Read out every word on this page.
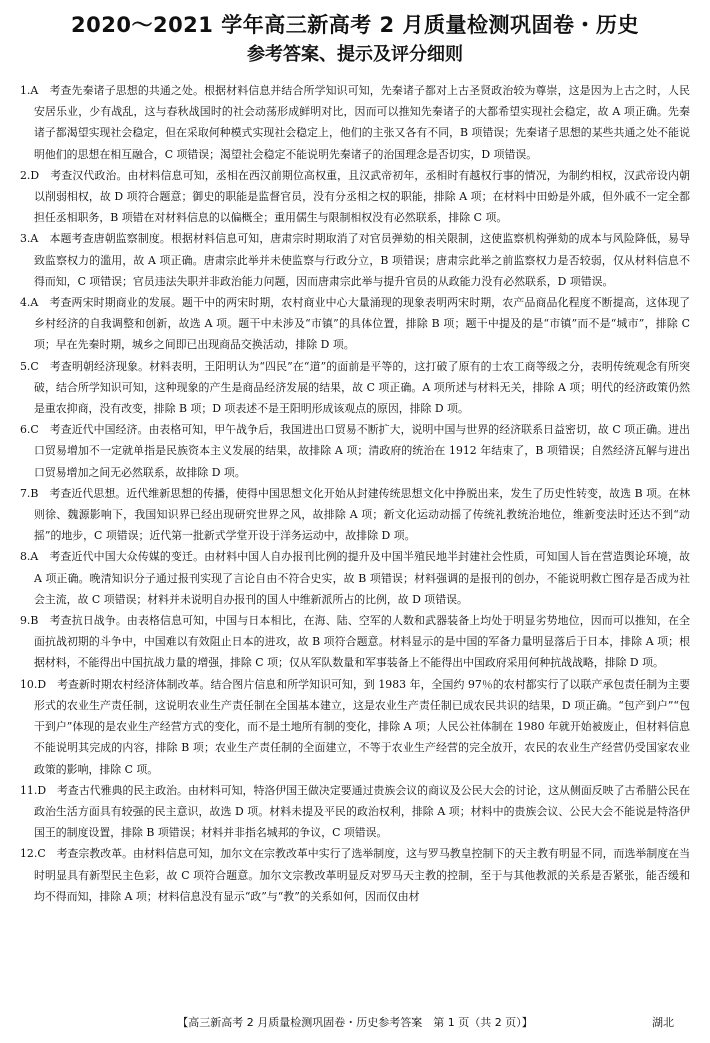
2020～2021 学年高三新高考 2 月质量检测巩固卷・历史
参考答案、提示及评分细则

1.A　 考查先秦诸子思想的共通之处。根据材料信息并结合所学知识可知，先秦诸子都对上古圣贤政治较为尊崇，这是因为上古之时，人民安居乐业，少有战乱，这与春秋战国时的社会动荡形成鲜明对比，因而可以推知先秦诸子的大都希望实现社会稳定，故 A 项正确。先秦诸子都渴望实现社会稳定，但在采取何种模式实现社会稳定上，他们的主张又各有不同，B 项错误；先秦诸子思想的某些共通之处不能说明他们的思想在相互融合，C 项错误；渴望社会稳定不能说明先秦诸子的治国理念是否切实，D 项错误。

2.D　 考查汉代政治。由材料信息可知，丞相在西汉前期位高权重，且汉武帝初年，丞相时有越权行事的情况，为制约相权，汉武帝设内朝以削弱相权，故 D 项符合题意；御史的职能是监督官员，没有分丞相之权的职能，排除 A 项；在材料中田蚡是外戚，但外戚不一定全都担任丞相职务，B 项错在对材料信息的以偏概全；重用儒生与限制相权没有必然联系，排除 C 项。

3.A　 本题考查唐朝监察制度。根据材料信息可知，唐肃宗时期取消了对官员弹劾的相关限制，这使监察机构弹劾的成本与风险降低，易导致监察权力的滥用，故 A 项正确。唐肃宗此举并未使监察与行政分立，B 项错误；唐肃宗此举之前监察权力是否较弱，仅从材料信息不得而知，C 项错误；官员违法失职并非政治能力问题，因而唐肃宗此举与提升官员的从政能力没有必然联系，D 项错误。

4.A　 考查两宋时期商业的发展。题干中的两宋时期，农村商业中心大量涌现的现象表明两宋时期，农产品商品化程度不断提高，这体现了乡村经济的自我调整和创新，故选 A 项。题干中未涉及“市镇”的具体位置，排除 B 项；题干中提及的是“市镇”而不是“城市”，排除 C 项；早在先秦时期，城乡之间即已出现商品交换活动，排除 D 项。

5.C　 考查明朝经济现象。材料表明，王阳明认为“四民”在“道”的面前是平等的，这打破了原有的士农工商等级之分，表明传统观念有所突破，结合所学知识可知，这种现象的产生是商品经济发展的结果，故 C 项正确。A 项所述与材料无关，排除 A 项；明代的经济政策仍然是重农抑商，没有改变，排除 B 项；D 项表述不是王阳明形成该观点的原因，排除 D 项。

6.C　 考查近代中国经济。由表格可知，甲午战争后，我国进出口贸易不断扩大，说明中国与世界的经济联系日益密切，故 C 项正确。进出口贸易增加不一定就单指是民族资本主义发展的结果，故排除 A 项；清政府的统治在 1912 年结束了，B 项错误；自然经济瓦解与进出口贸易增加之间无必然联系，故排除 D 项。

7.B　 考查近代思想。近代维新思想的传播，使得中国思想文化开始从封建传统思想文化中挣脱出来，发生了历史性转变，故选 B 项。在林则徐、魏源影响下，我国知识界已经出现研究世界之风，故排除 A 项；新文化运动动摇了传统礼教统治地位，维新变法时还达不到“动摇”的地步，C 项错误；近代第一批新式学堂开设于洋务运动中，故排除 D 项。

8.A　 考查近代中国大众传媒的变迁。由材料中国人自办报刊比例的提升及中国半殖民地半封建社会性质，可知国人旨在营造舆论环境，故 A 项正确。晚清知识分子通过报刊实现了言论自由不符合史实，故 B 项错误；材料强调的是报刊的创办，不能说明救亡图存是否成为社会主流，故 C 项错误；材料并未说明自办报刊的国人中维新派所占的比例，故 D 项错误。

9.B　 考查抗日战争。由表格信息可知，中国与日本相比，在海、陆、空军的人数和武器装备上均处于明显劣势地位，因而可以推知，在全面抗战初期的斗争中，中国难以有效阻止日本的进攻，故 B 项符合题意。材料显示的是中国的军备力量明显落后于日本，排除 A 项；根据材料，不能得出中国抗战力量的增强，排除 C 项；仅从军队数量和军事装备上不能得出中国政府采用何种抗战战略，排除 D 项。

10.D　 考查新时期农村经济体制改革。结合图片信息和所学知识可知，到 1983 年，全国约 97％的农村都实行了以联产承包责任制为主要形式的农业生产责任制，这说明农业生产责任制在全国基本建立，这是农业生产责任制已成农民共识的结果，D 项正确。“包产到户”“包干到户”体现的是农业生产经营方式的变化，而不是土地所有制的变化，排除 A 项；人民公社体制在 1980 年就开始被废止，但材料信息不能说明其完成的内容，排除 B 项；农业生产责任制的全面建立，不等于农业生产经营的完全放开，农民的农业生产经营仍受国家农业政策的影响，排除 C 项。

11.D　 考查古代雅典的民主政治。由材料可知，特洛伊国王做决定要通过贵族会议的商议及公民大会的讨论，这从侧面反映了古希腊公民在政治生活方面具有较强的民主意识，故选 D 项。材料未提及平民的政治权利，排除 A 项；材料中的贵族会议、公民大会不能说是特洛伊国王的制度设置，排除 B 项错误；材料并非指名城邦的争议，C 项错误。

12.C　 考查宗教改革。由材料信息可知，加尔文在宗教改革中实行了选举制度，这与罗马教皇控制下的天主教有明显不同，而选举制度在当时明显具有新型民主色彩，故 C 项符合题意。加尔文宗教改革明显反对罗马天主教的控制，至于与其他教派的关系是否紧张，能否缓和均不得而知，排除 A 项；材料信息没有显示“政”与“教”的关系如何，因而仅由材

【高三新高考 2 月质量检测巩固卷・历史参考答案　第 1 页（共 2 页）】	湖北
